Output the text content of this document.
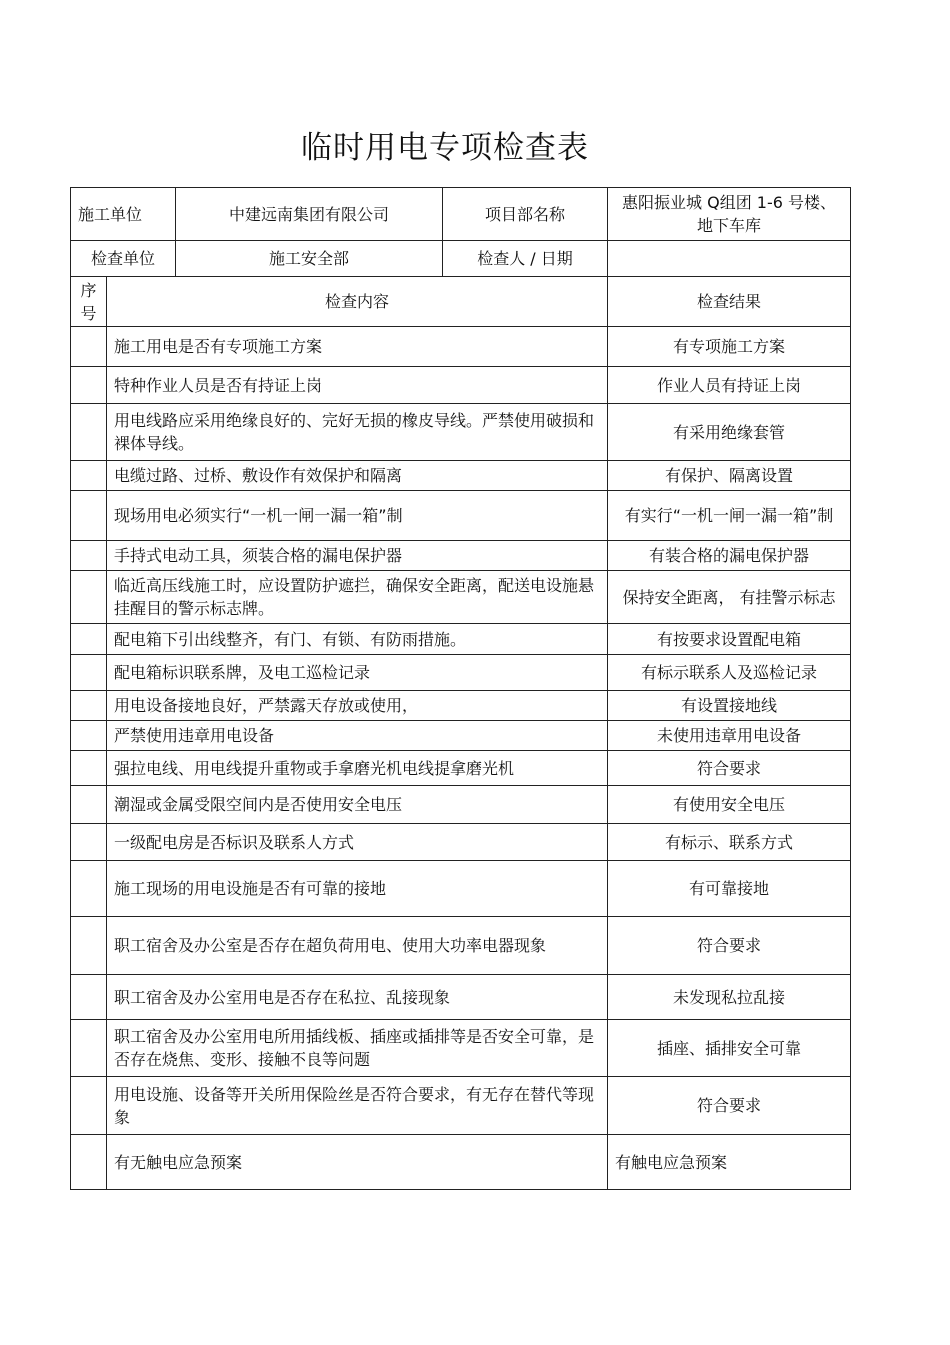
临时用电专项检查表
施工单位		中建远南集团有限公司	项目部名称	惠阳振业城 Q组团 1-6 号楼、地下车库
检查单位		施工安全部	检查人 / 日期	
序号	检查内容			检查结果
	施工用电是否有专项施工方案			有专项施工方案
	特种作业人员是否有持证上岗			作业人员有持证上岗
	用电线路应采用绝缘良好的、完好无损的橡皮导线。严禁使用破损和裸体导线。			有采用绝缘套管
	电缆过路、过桥、敷设作有效保护和隔离			有保护、隔离设置
	现场用电必须实行“一机一闸一漏一箱”制			有实行“一机一闸一漏一箱”制
	手持式电动工具，须装合格的漏电保护器			有装合格的漏电保护器
	临近高压线施工时，应设置防护遮拦，确保安全距离，配送电设施悬挂醒目的警示标志牌。			保持安全距离， 有挂警示标志
	配电箱下引出线整齐，有门、有锁、有防雨措施。			有按要求设置配电箱
	配电箱标识联系牌，及电工巡检记录			有标示联系人及巡检记录
	用电设备接地良好，严禁露天存放或使用，			有设置接地线
	严禁使用违章用电设备			未使用违章用电设备
	强拉电线、用电线提升重物或手拿磨光机电线提拿磨光机			符合要求
	潮湿或金属受限空间内是否使用安全电压			有使用安全电压
	一级配电房是否标识及联系人方式			有标示、联系方式
	施工现场的用电设施是否有可靠的接地			有可靠接地
	职工宿舍及办公室是否存在超负荷用电、使用大功率电器现象			符合要求
	职工宿舍及办公室用电是否存在私拉、乱接现象			未发现私拉乱接
	职工宿舍及办公室用电所用插线板、插座或插排等是否安全可靠，是否存在烧焦、变形、接触不良等问题			插座、插排安全可靠
	用电设施、设备等开关所用保险丝是否符合要求，有无存在替代等现象			符合要求
	有无触电应急预案			有触电应急预案
